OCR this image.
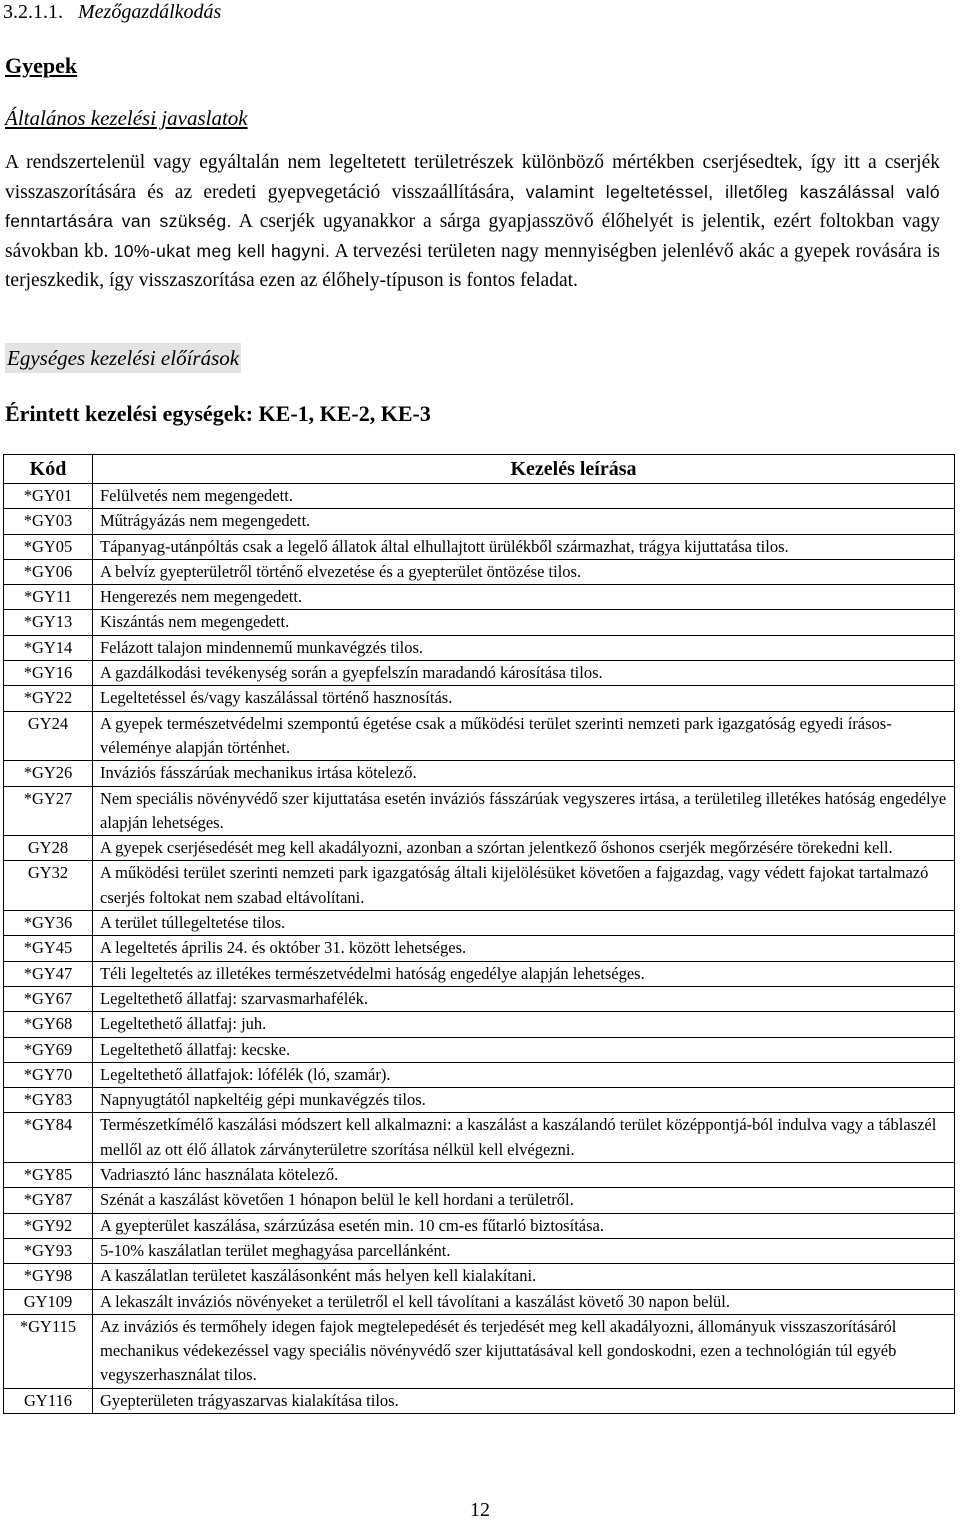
3.2.1.1. Mezőgazdálkodás
Gyepek
Általános kezelési javaslatok
A rendszertelenül vagy egyáltalán nem legeltetett területrészek különböző mértékben cserjésedtek, így itt a cserjék visszaszorítására és az eredeti gyepvegetáció visszaállítására, valamint legeltetéssel, illetőleg kaszálással való fenntartására van szükség. A cserjék ugyanakkor a sárga gyapjasszövő élőhelyét is jelentik, ezért foltokban vagy sávokban kb. 10%-ukat meg kell hagyni. A tervezési területen nagy mennyiségben jelenlévő akác a gyepek rovására is terjeszkedik, így visszaszorítása ezen az élőhely-típuson is fontos feladat.
Egységes kezelési előírások
Érintett kezelési egységek: KE-1, KE-2, KE-3
Kód	Kezelés leírása
*GY01	Felülvetés nem megengedett.
*GY03	Műtrágyázás nem megengedett.
*GY05	Tápanyag-utánpóltás csak a legelő állatok által elhullajtott ürülékből származhat, trágya kijuttatása tilos.
*GY06	A belvíz gyepterületről történő elvezetése és a gyepterület öntözése tilos.
*GY11	Hengerezés nem megengedett.
*GY13	Kiszántás nem megengedett.
*GY14	Felázott talajon mindennemű munkavégzés tilos.
*GY16	A gazdálkodási tevékenység során a gyepfelszín maradandó károsítása tilos.
*GY22	Legeltetéssel és/vagy kaszálással történő hasznosítás.
GY24	A gyepek természetvédelmi szempontú égetése csak a működési terület szerinti nemzeti park igazgatóság egyedi írásos-véleménye alapján történhet.
*GY26	Inváziós fásszárúak mechanikus irtása kötelező.
*GY27	Nem speciális növényvédő szer kijuttatása esetén inváziós fásszárúak vegyszeres irtása, a területileg illetékes hatóság engedélye alapján lehetséges.
GY28	A gyepek cserjésedését meg kell akadályozni, azonban a szórtan jelentkező őshonos cserjék megőrzésére törekedni kell.
GY32	A működési terület szerinti nemzeti park igazgatóság általi kijelölésüket követően a fajgazdag, vagy védett fajokat tartalmazó cserjés foltokat nem szabad eltávolítani.
*GY36	A terület túllegeltetése tilos.
*GY45	A legeltetés április 24. és október 31. között lehetséges.
*GY47	Téli legeltetés az illetékes természetvédelmi hatóság engedélye alapján lehetséges.
*GY67	Legeltethető állatfaj: szarvasmarhafélék.
*GY68	Legeltethető állatfaj: juh.
*GY69	Legeltethető állatfaj: kecske.
*GY70	Legeltethető állatfajok: lófélék (ló, szamár).
*GY83	Napnyugtától napkeltéig gépi munkavégzés tilos.
*GY84	Természetkímélő kaszálási módszert kell alkalmazni: a kaszálást a kaszálandó terület középpontjá-ból indulva vagy a táblaszél mellől az ott élő állatok zárványterületre szorítása nélkül kell elvégezni.
*GY85	Vadriasztó lánc használata kötelező.
*GY87	Szénát a kaszálást követően 1 hónapon belül le kell hordani a területről.
*GY92	A gyepterület kaszálása, szárzúzása esetén min. 10 cm-es fűtarló biztosítása.
*GY93	5-10% kaszálatlan terület meghagyása parcellánként.
*GY98	A kaszálatlan területet kaszálásonként más helyen kell kialakítani.
GY109	A lekaszált inváziós növényeket a területről el kell távolítani a kaszálást követő 30 napon belül.
*GY115	Az inváziós és termőhely idegen fajok megtelepedését és terjedését meg kell akadályozni, állományuk visszaszorításáról mechanikus védekezéssel vagy speciális növényvédő szer kijuttatásával kell gondoskodni, ezen a technológián túl egyéb vegyszerhasználat tilos.
GY116	Gyepterületen trágyaszarvas kialakítása tilos.
12
